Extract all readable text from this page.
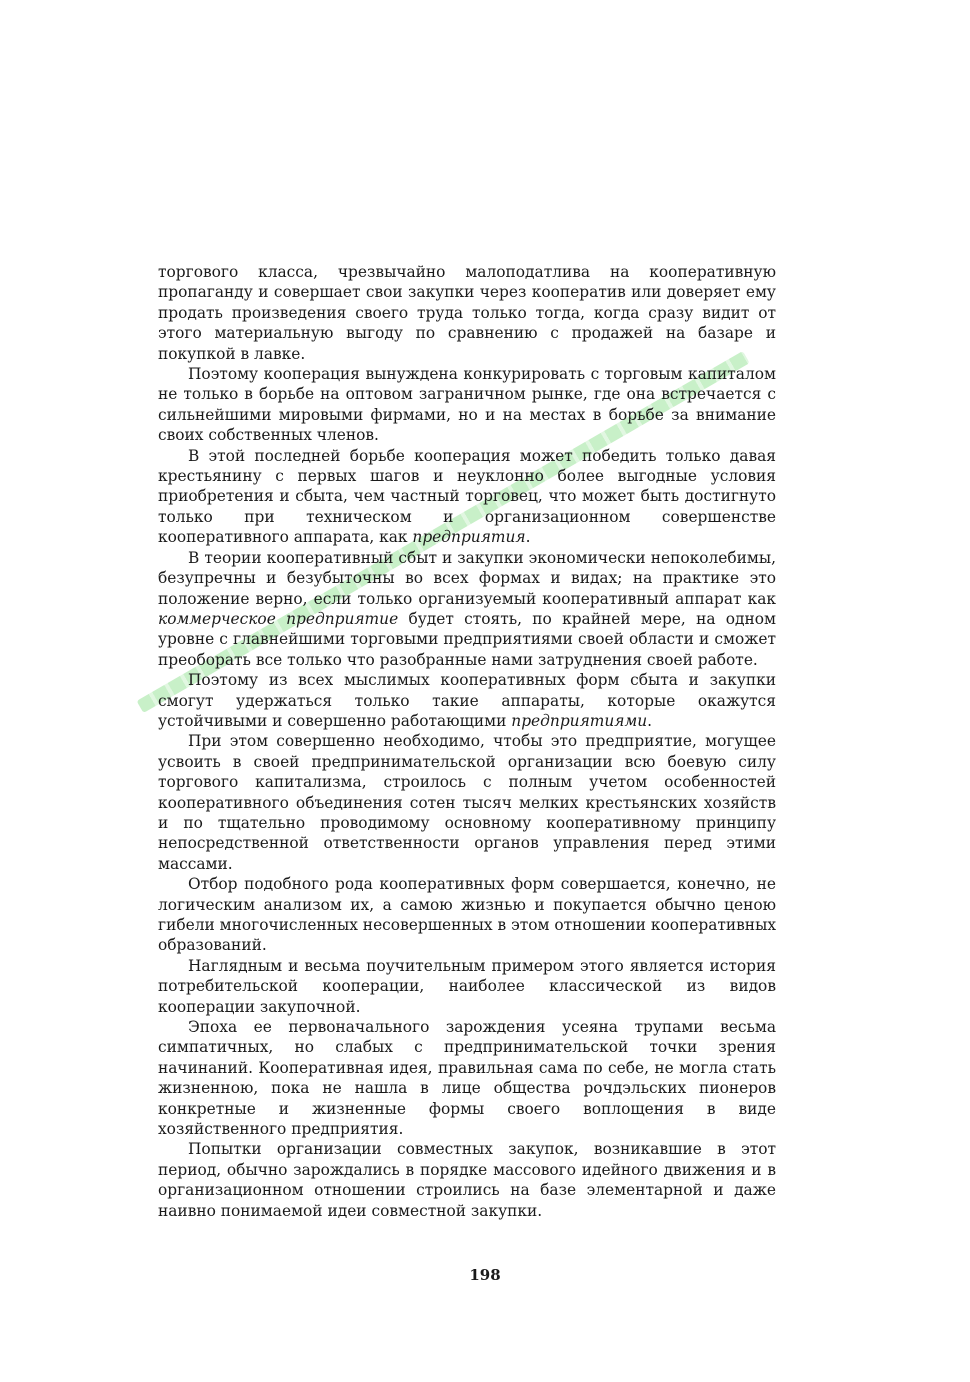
торгового класса, чрезвычайно малоподатлива на кооперативную пропаганду и совершает свои закупки через кооператив или доверяет ему продать произведения своего труда только тогда, когда сразу видит от этого материальную выгоду по сравнению с продажей на базаре и покупкой в лавке.

Поэтому кооперация вынуждена конкурировать с торговым капиталом не только в борьбе на оптовом заграничном рынке, где она встречается с сильнейшими мировыми фирмами, но и на местах в борьбе за внимание своих собственных членов.

В этой последней борьбе кооперация может победить только давая крестьянину с первых шагов и неуклонно более выгодные условия приобретения и сбыта, чем частный торговец, что может быть достигнуто только при техническом и организационном совершенстве кооперативного аппарата, как предприятия.

В теории кооперативный сбыт и закупки экономически непоколебимы, безупречны и безубыточны во всех формах и видах; на практике это положение верно, если только организуемый кооперативный аппарат как коммерческое предприятие будет стоять, по крайней мере, на одном уровне с главнейшими торговыми предприятиями своей области и сможет преоборать все только что разобранные нами затруднения своей работе.

Поэтому из всех мыслимых кооперативных форм сбыта и закупки смогут удержаться только такие аппараты, которые окажутся устойчивыми и совершенно работающими предприятиями.

При этом совершенно необходимо, чтобы это предприятие, могущее усвоить в своей предпринимательской организации всю боевую силу торгового капитализма, строилось с полным учетом особенностей кооперативного объединения сотен тысяч мелких крестьянских хозяйств и по тщательно проводимому основному кооперативному принципу непосредственной ответственности органов управления перед этими массами.

Отбор подобного рода кооперативных форм совершается, конечно, не логическим анализом их, а самою жизнью и покупается обычно ценою гибели многочисленных несовершенных в этом отношении кооперативных образований.

Наглядным и весьма поучительным примером этого является история потребительской кооперации, наиболее классической из видов кооперации закупочной.

Эпоха ее первоначального зарождения усеяна трупами весьма симпатичных, но слабых с предпринимательской точки зрения начинаний. Кооперативная идея, правильная сама по себе, не могла стать жизненною, пока не нашла в лице общества рочдэльских пионеров конкретные и жизненные формы своего воплощения в виде хозяйственного предприятия.

Попытки организации совместных закупок, возникавшие в этот период, обычно зарождались в порядке массового идейного движения и в организационном отношении строились на базе элементарной и даже наивно понимаемой идеи совместной закупки.

198
